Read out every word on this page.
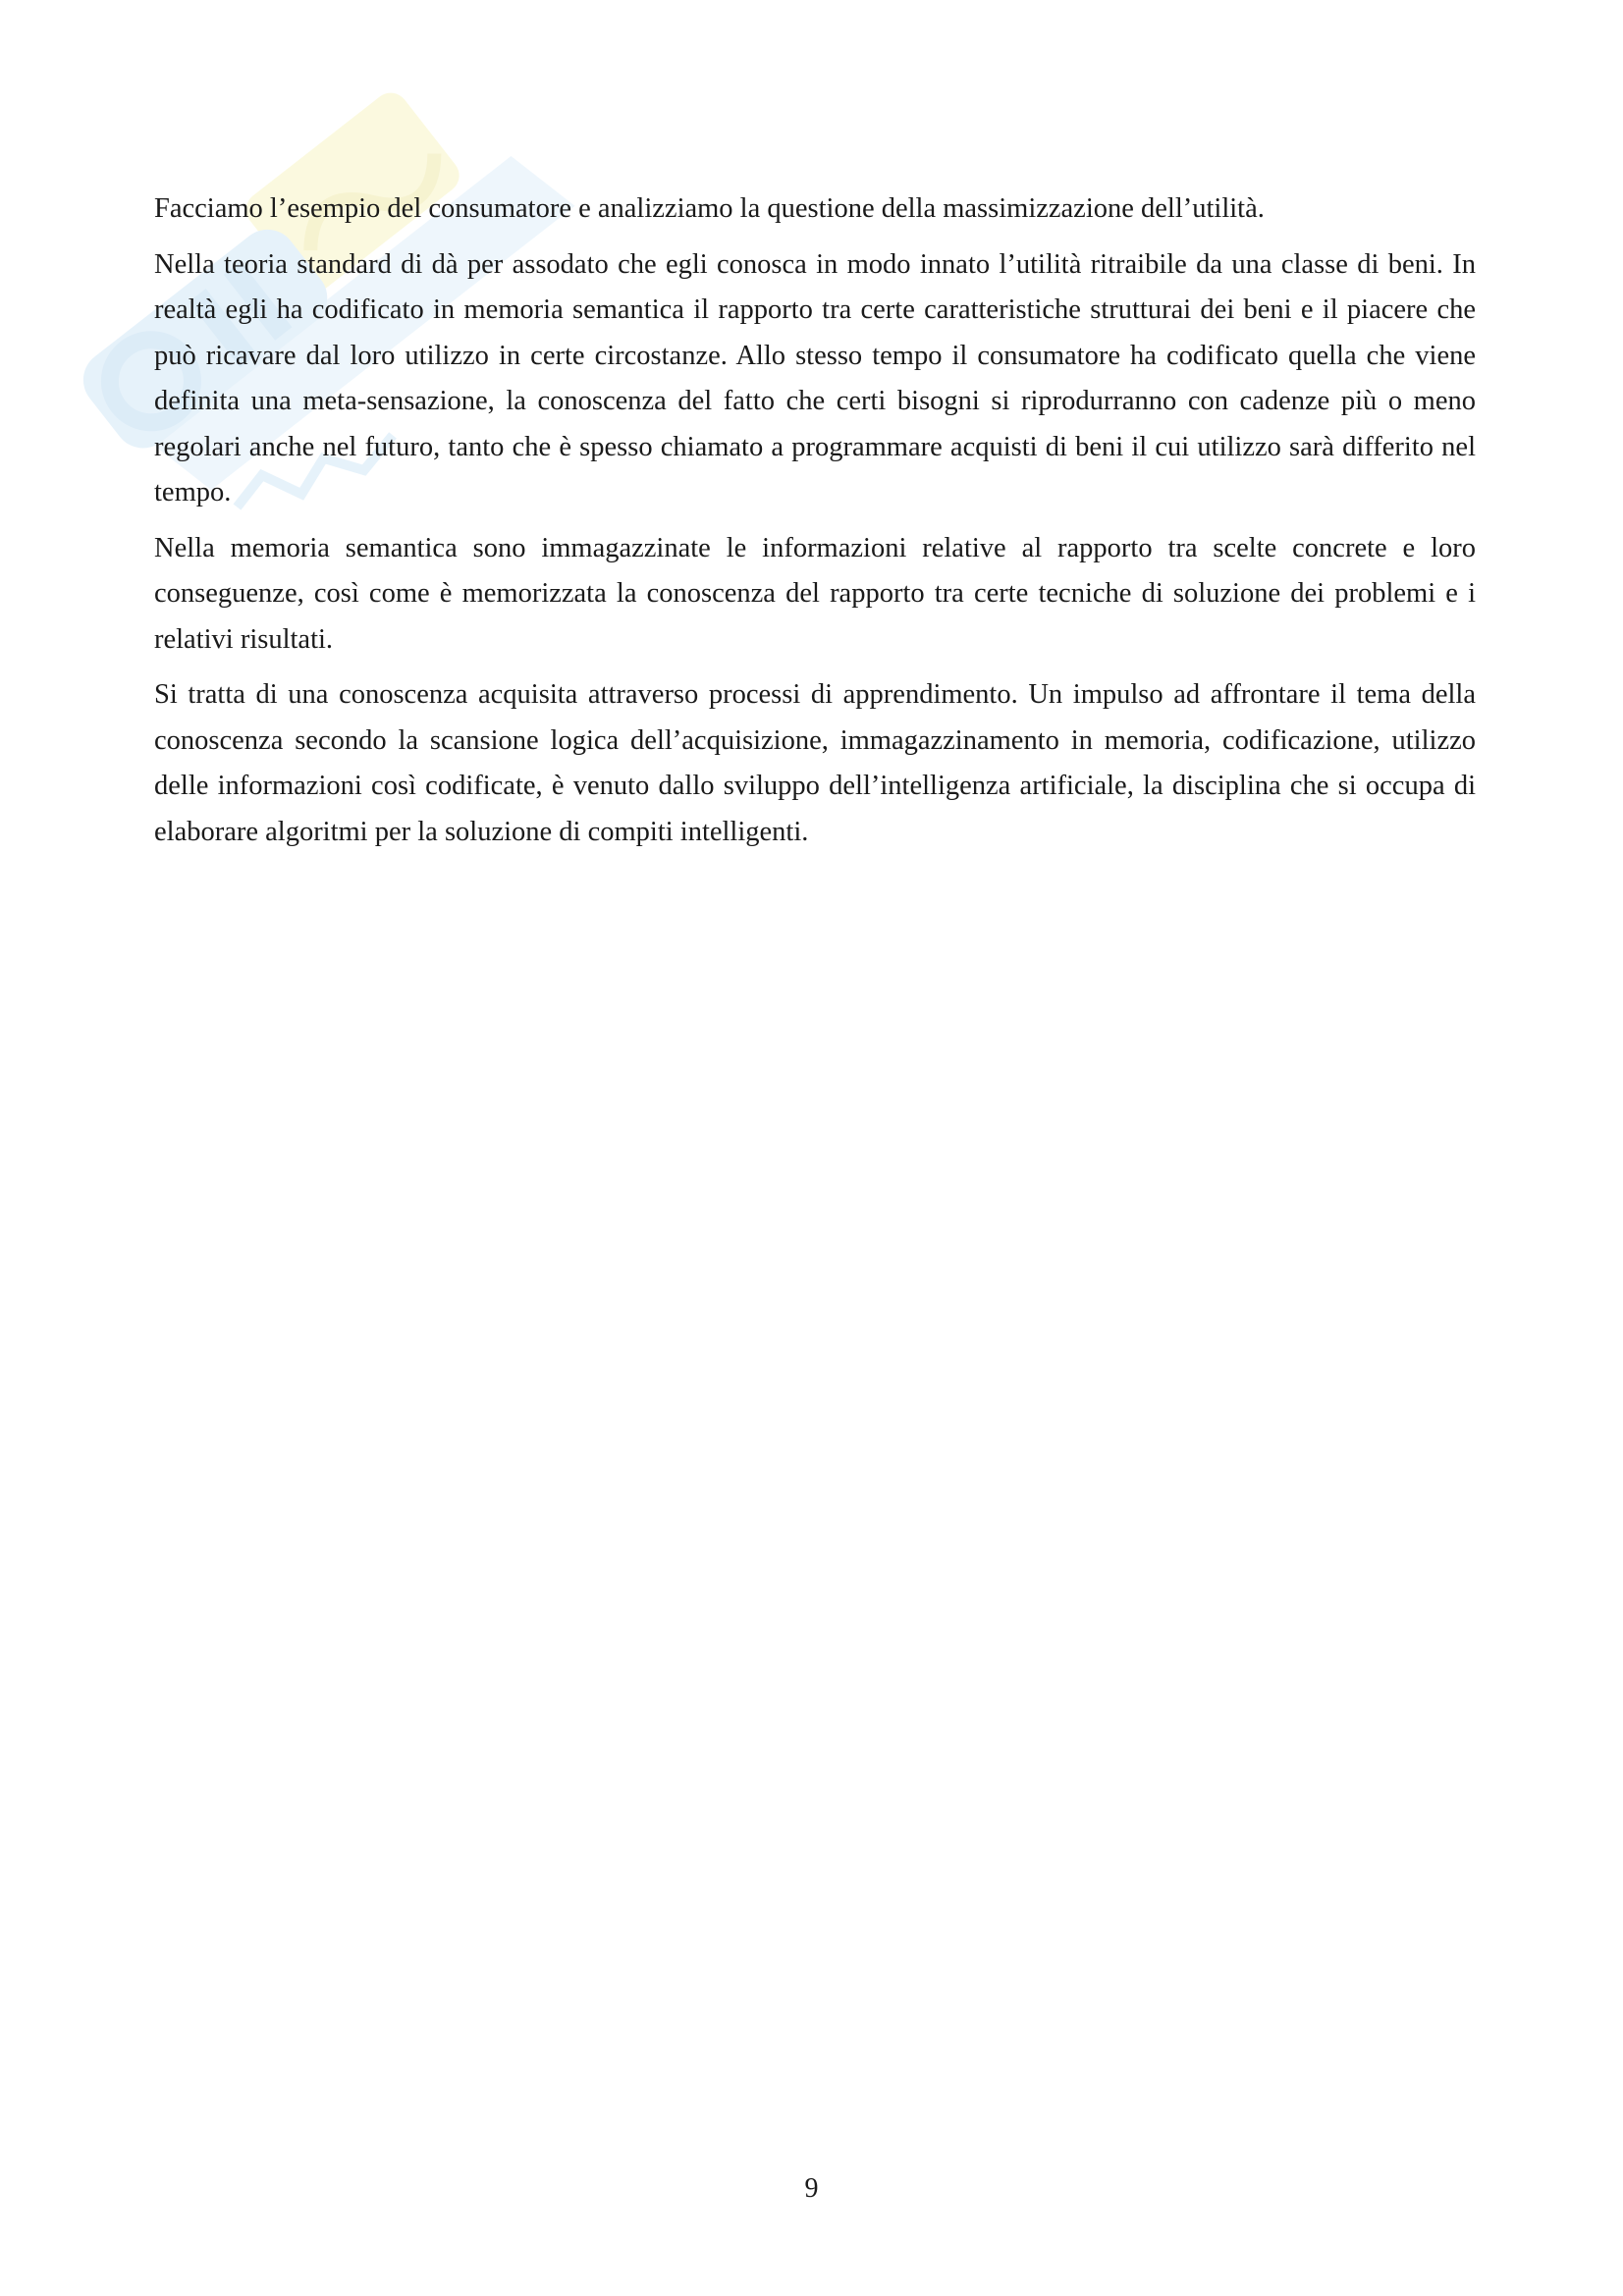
Facciamo l’esempio del consumatore e analizziamo la questione della massimizzazione dell’utilità.

Nella teoria standard di dà per assodato che egli conosca in modo innato l’utilità ritraibile da una classe di beni. In realtà egli ha codificato in memoria semantica il rapporto tra certe caratteristiche strutturai dei beni e il piacere che può ricavare dal loro utilizzo in certe circostanze. Allo stesso tempo il consumatore ha codificato quella che viene definita una meta-sensazione, la conoscenza del fatto che certi bisogni si riprodurranno con cadenze più o meno regolari anche nel futuro, tanto che è spesso chiamato a programmare acquisti di beni il cui utilizzo sarà differito nel tempo.

Nella memoria semantica sono immagazzinate le informazioni relative al rapporto tra scelte concrete e loro conseguenze, così come è memorizzata la conoscenza del rapporto tra certe tecniche di soluzione dei problemi e i relativi risultati.

Si tratta di una conoscenza acquisita attraverso processi di apprendimento. Un impulso ad affrontare il tema della conoscenza secondo la scansione logica dell’acquisizione, immagazzinamento in memoria, codificazione, utilizzo delle informazioni così codificate, è venuto dallo sviluppo dell’intelligenza artificiale, la disciplina che si occupa di elaborare algoritmi per la soluzione di compiti intelligenti.

9
